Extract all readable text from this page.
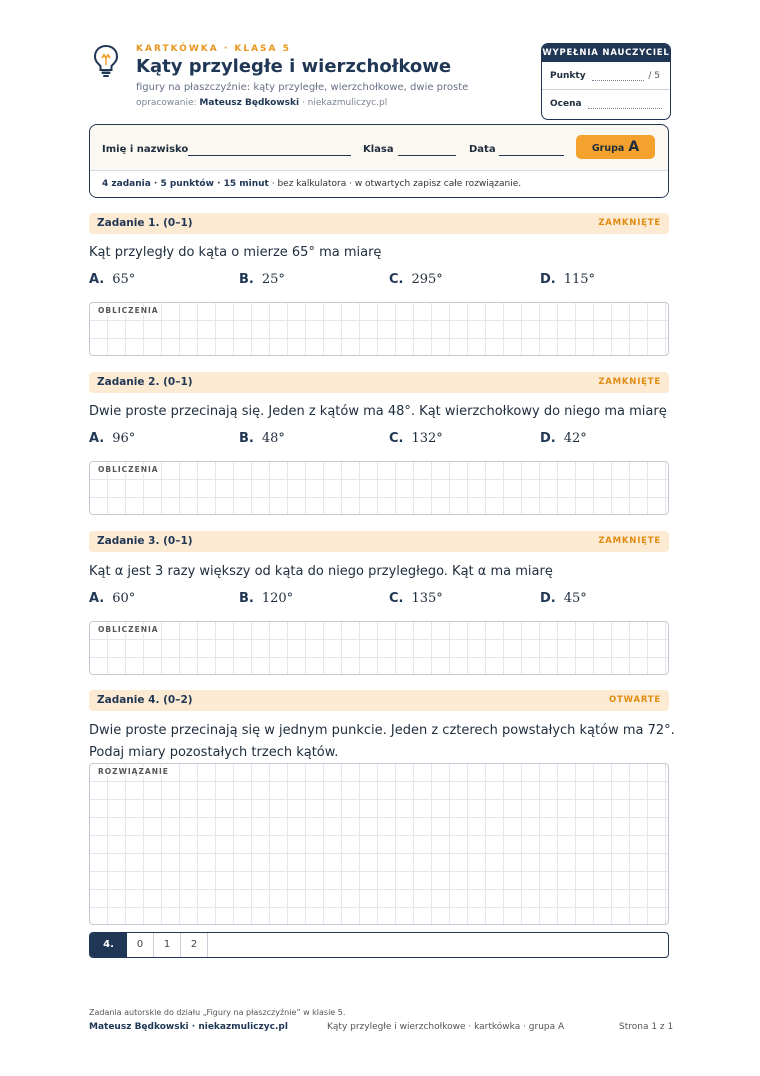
KARTKÓWKA · KLASA 5
Kąty przyległe i wierzchołkowe
figury na płaszczyźnie: kąty przyległe, wierzchołkowe, dwie proste
opracowanie: Mateusz Będkowski · niekazmuliczyc.pl
WYPEŁNIA NAUCZYCIEL
Punkty	/ 5
Ocena
Imię i nazwisko	Klasa	Data	Grupa A
4 zadania · 5 punktów · 15 minut · bez kalkulatora · w otwartych zapisz całe rozwiązanie.
Zadanie 1. (0–1)	ZAMKNIĘTE
Kąt przyległy do kąta o mierze 65° ma miarę
A. 65°	B. 25°	C. 295°	D. 115°
OBLICZENIA
Zadanie 2. (0–1)	ZAMKNIĘTE
Dwie proste przecinają się. Jeden z kątów ma 48°. Kąt wierzchołkowy do niego ma miarę
A. 96°	B. 48°	C. 132°	D. 42°
OBLICZENIA
Zadanie 3. (0–1)	ZAMKNIĘTE
Kąt α jest 3 razy większy od kąta do niego przyległego. Kąt α ma miarę
A. 60°	B. 120°	C. 135°	D. 45°
OBLICZENIA
Zadanie 4. (0–2)	OTWARTE
Dwie proste przecinają się w jednym punkcie. Jeden z czterech powstałych kątów ma 72°.
Podaj miary pozostałych trzech kątów.
ROZWIĄZANIE
4.	0	1	2
Zadania autorskie do działu „Figury na płaszczyźnie” w klasie 5.
Mateusz Będkowski · niekazmuliczyc.pl	Kąty przyległe i wierzchołkowe · kartkówka · grupa A	Strona 1 z 1
